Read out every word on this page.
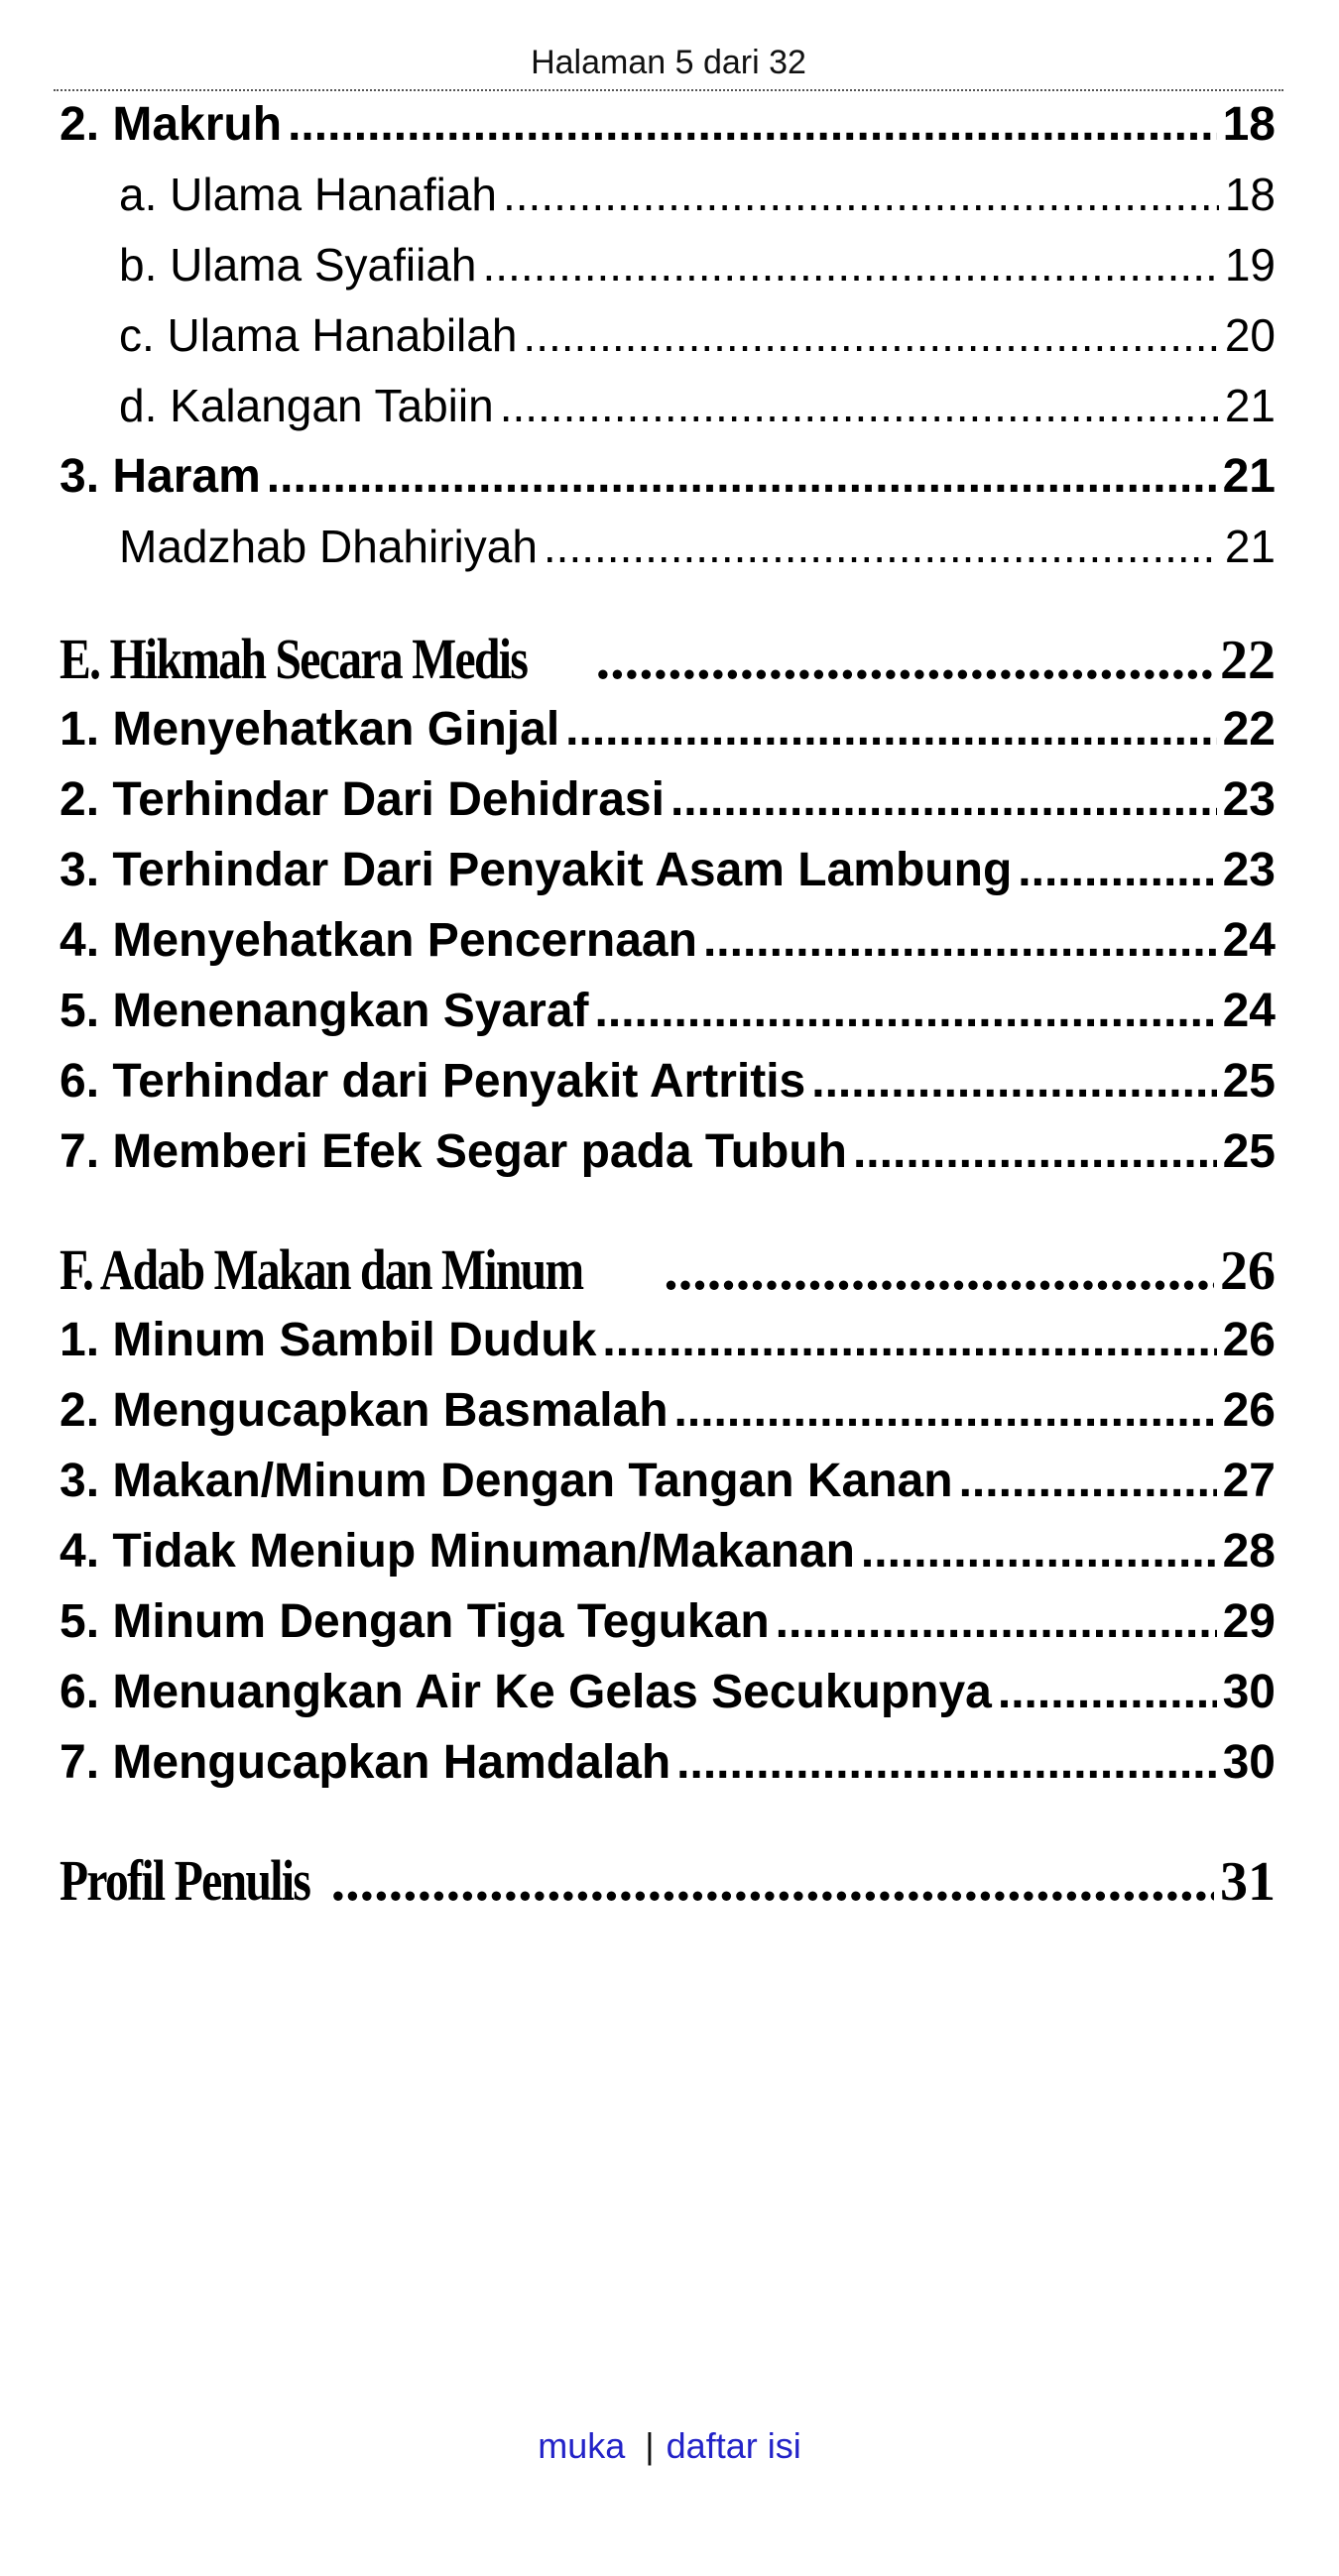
Halaman 5 dari 32
2. Makruh .....	18
a. Ulama Hanafiah .....	18
b. Ulama Syafiiah .....	19
c. Ulama Hanabilah .....	20
d. Kalangan Tabiin .....	21
3. Haram .....	21
Madzhab Dhahiriyah .....	21
E. Hikmah Secara Medis .....	22
1. Menyehatkan Ginjal .....	22
2. Terhindar Dari Dehidrasi .....	23
3. Terhindar Dari Penyakit Asam Lambung .....	23
4. Menyehatkan Pencernaan .....	24
5. Menenangkan Syaraf .....	24
6. Terhindar dari Penyakit Artritis .....	25
7. Memberi Efek Segar pada Tubuh .....	25
F. Adab Makan dan Minum .....	26
1. Minum Sambil Duduk .....	26
2. Mengucapkan Basmalah .....	26
3. Makan/Minum Dengan Tangan Kanan .....	27
4. Tidak Meniup Minuman/Makanan .....	28
5. Minum Dengan Tiga Tegukan .....	29
6. Menuangkan Air Ke Gelas Secukupnya .....	30
7. Mengucapkan Hamdalah .....	30
Profil Penulis .....	31
muka | daftar isi
